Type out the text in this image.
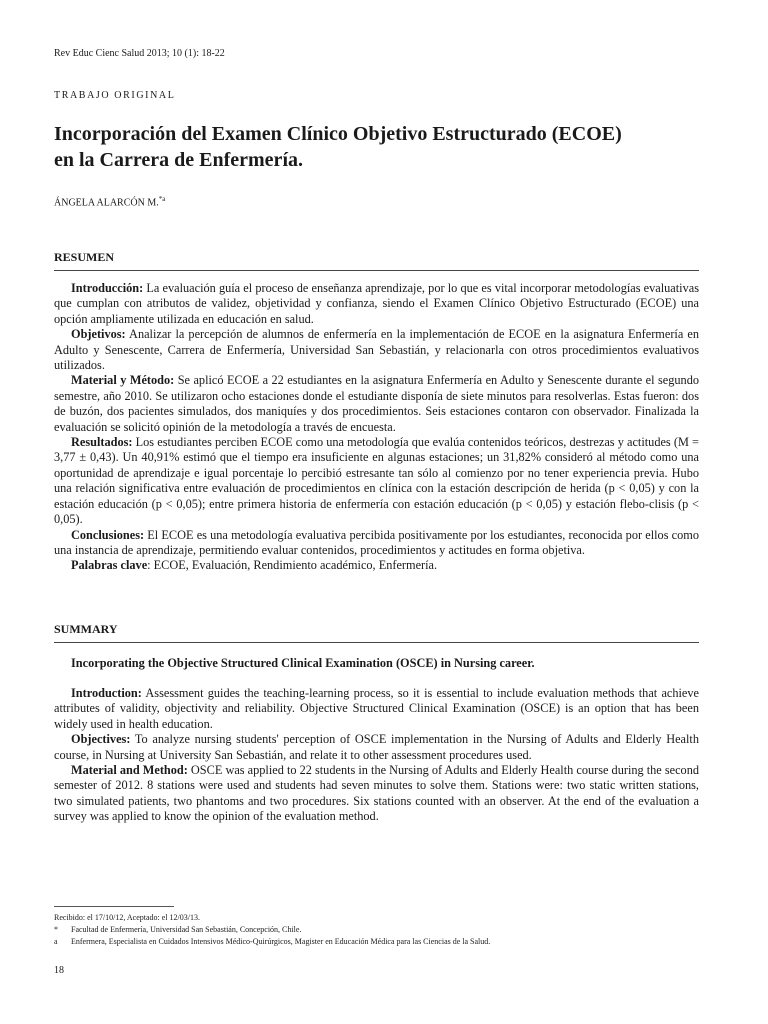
Rev Educ Cienc Salud 2013; 10 (1): 18-22
TRABAJO ORIGINAL
Incorporación del Examen Clínico Objetivo Estructurado (ECOE)
en la Carrera de Enfermería.
ÁNGELA ALARCÓN M.$^{*a}$
RESUMEN

Introducción: La evaluación guía el proceso de enseñanza aprendizaje, por lo que es vital incorporar metodologías evaluativas que cumplan con atributos de validez, objetividad y confianza, siendo el Examen Clínico Objetivo Estructurado (ECOE) una opción ampliamente utilizada en educación en salud.

Objetivos: Analizar la percepción de alumnos de enfermería en la implementación de ECOE en la asignatura Enfermería en Adulto y Senescente, Carrera de Enfermería, Universidad San Sebastián, y relacionarla con otros procedimientos evaluativos utilizados.

Material y Método: Se aplicó ECOE a 22 estudiantes en la asignatura Enfermería en Adulto y Senescente durante el segundo semestre, año 2010. Se utilizaron ocho estaciones donde el estudiante disponía de siete minutos para resolverlas. Estas fueron: dos de buzón, dos pacientes simulados, dos maniquíes y dos procedimientos. Seis estaciones contaron con observador. Finalizada la evaluación se solicitó opinión de la metodología a través de encuesta.

Resultados: Los estudiantes perciben ECOE como una metodología que evalúa contenidos teóricos, destrezas y actitudes (M = 3,77 ± 0,43). Un 40,91% estimó que el tiempo era insuficiente en algunas estaciones; un 31,82% consideró al método como una oportunidad de aprendizaje e igual porcentaje lo percibió estresante tan sólo al comienzo por no tener experiencia previa. Hubo una relación significativa entre evaluación de procedimientos en clínica con la estación descripción de herida (p < 0,05) y con la estación educación (p < 0,05); entre primera historia de enfermería con estación educación (p < 0,05) y estación flebo-clisis (p < 0,05).

Conclusiones: El ECOE es una metodología evaluativa percibida positivamente por los estudiantes, reconocida por ellos como una instancia de aprendizaje, permitiendo evaluar contenidos, procedimientos y actitudes en forma objetiva.

Palabras clave: ECOE, Evaluación, Rendimiento académico, Enfermería.

SUMMARY
Incorporating the Objective Structured Clinical Examination (OSCE) in Nursing career.

Introduction: Assessment guides the teaching-learning process, so it is essential to include evaluation methods that achieve attributes of validity, objectivity and reliability. Objective Structured Clinical Examination (OSCE) is an option that has been widely used in health education.

Objectives: To analyze nursing students' perception of OSCE implementation in the Nursing of Adults and Elderly Health course, in Nursing at University San Sebastián, and relate it to other assessment procedures used.

Material and Method: OSCE was applied to 22 students in the Nursing of Adults and Elderly Health course during the second semester of 2012. 8 stations were used and students had seven minutes to solve them. Stations were: two static written stations, two simulated patients, two phantoms and two procedures. Six stations counted with an observer. At the end of the evaluation a survey was applied to know the opinion of the evaluation method.

Recibido: el 17/10/12, Aceptado: el 12/03/13.
*	Facultad de Enfermería, Universidad San Sebastián, Concepción, Chile.
a	Enfermera, Especialista en Cuidados Intensivos Médico-Quirúrgicos, Magister en Educación Médica para las Ciencias de la Salud.
18
